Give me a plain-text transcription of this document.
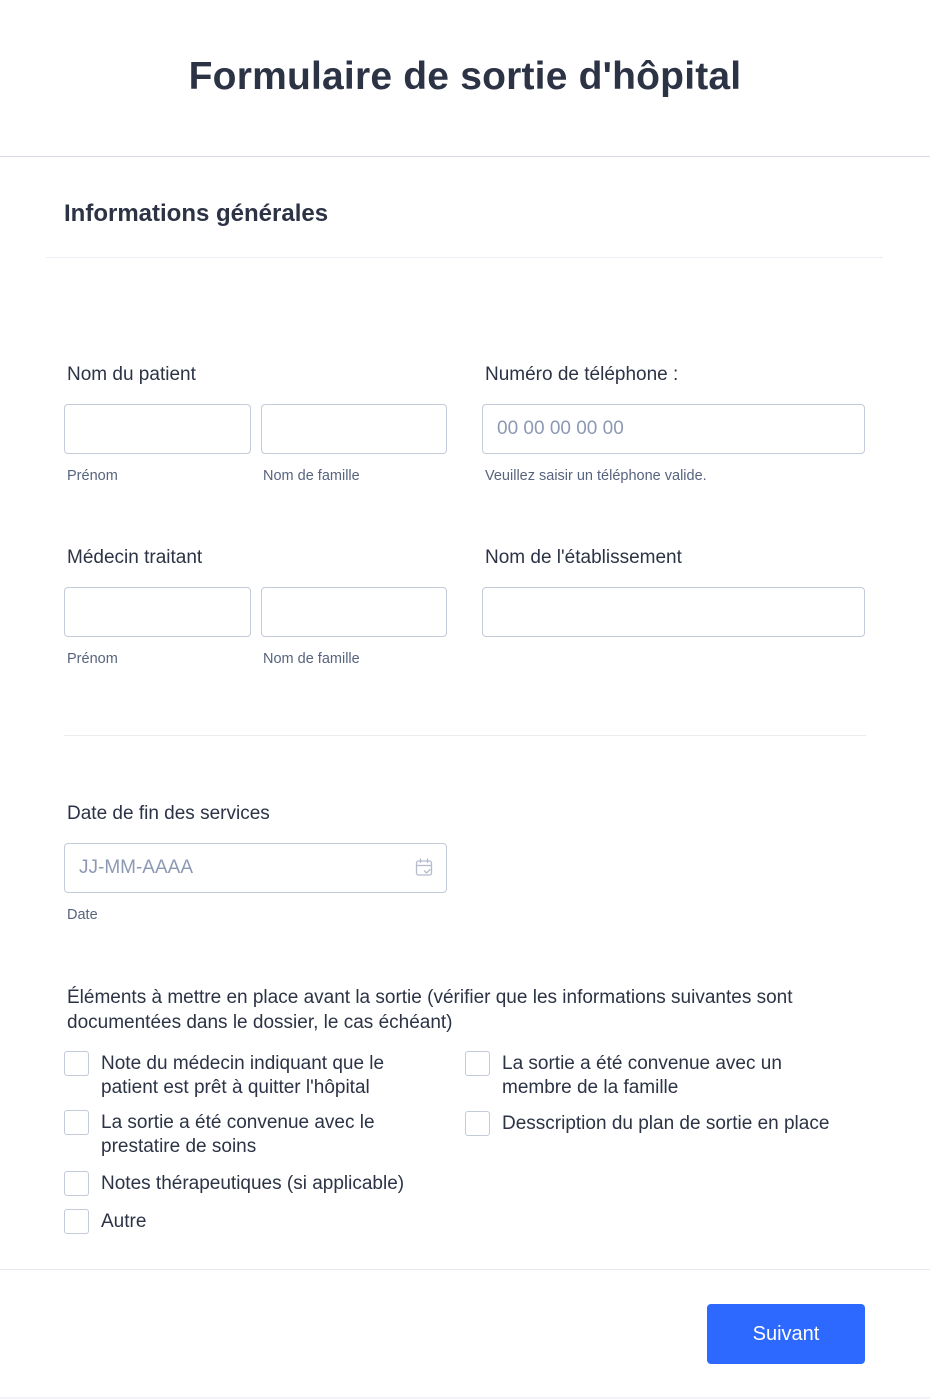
Formulaire de sortie d'hôpital
Informations générales
Nom du patient
Prénom	Nom de famille
Numéro de téléphone :
00 00 00 00 00
Veuillez saisir un téléphone valide.
Médecin traitant
Prénom	Nom de famille
Nom de l'établissement
Date de fin des services
JJ-MM-AAAA
Date
Éléments à mettre en place avant la sortie (vérifier que les informations suivantes sont documentées dans le dossier, le cas échéant)
Note du médecin indiquant que le patient est prêt à quitter l'hôpital
La sortie a été convenue avec un membre de la famille
La sortie a été convenue avec le prestatire de soins
Desscription du plan de sortie en place
Notes thérapeutiques (si applicable)
Autre
Suivant
